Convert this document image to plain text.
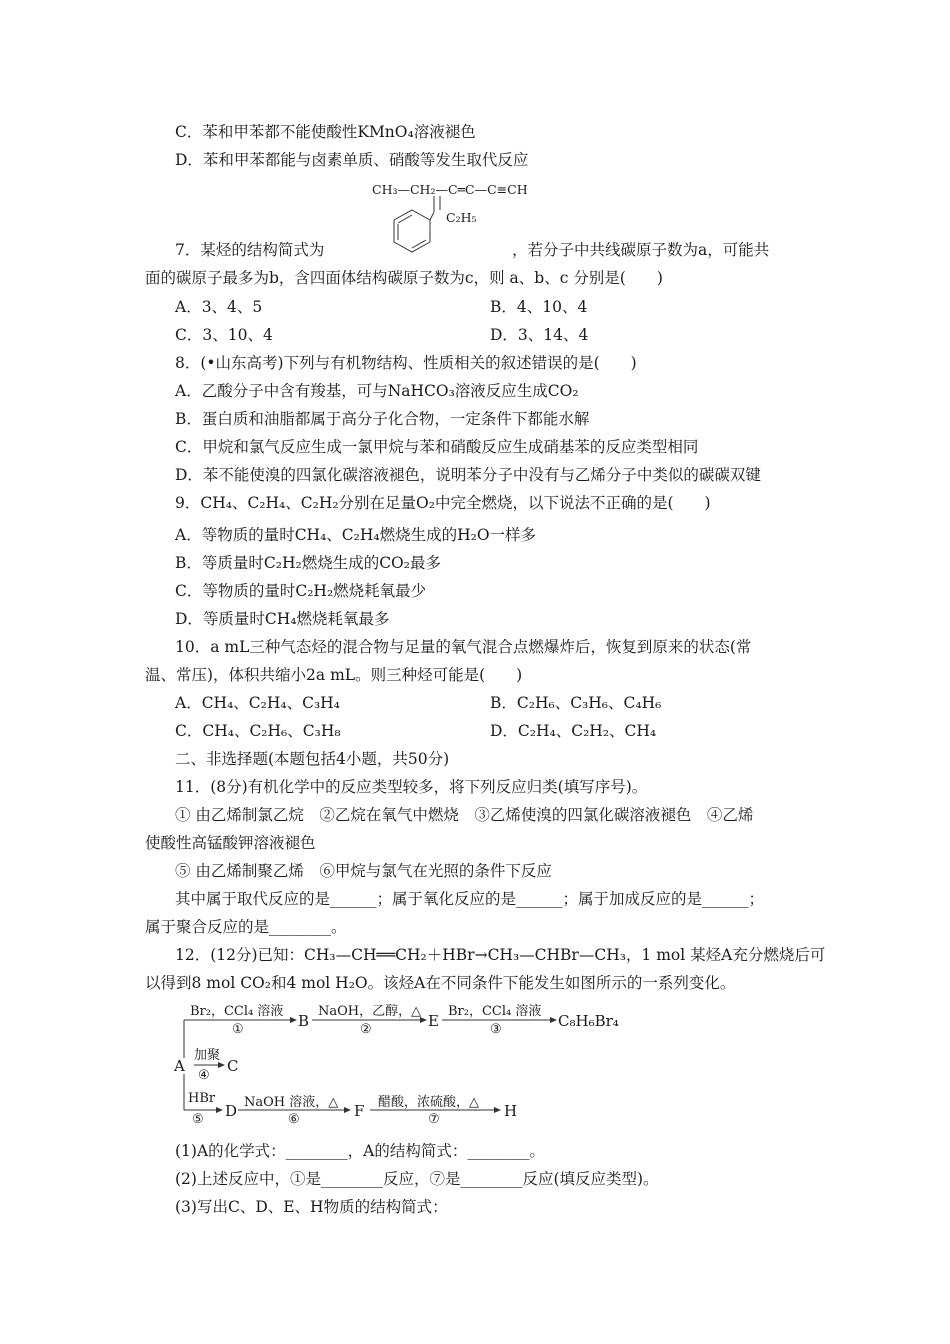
C．苯和甲苯都不能使酸性KMnO₄溶液褪色
D．苯和甲苯都能与卤素单质、硝酸等发生取代反应
CH₃—CH₂—C═C—C≡CH
C₂H₅
7．某烃的结构简式为	，若分子中共线碳原子数为a，可能共
面的碳原子最多为b，含四面体结构碳原子数为c，则 a、b、c 分别是(　　)
A．3、4、5	B．4、10、4
C．3、10、4	D．3、14、4
8．(•山东高考)下列与有机物结构、性质相关的叙述错误的是(　　)
A．乙酸分子中含有羧基，可与NaHCO₃溶液反应生成CO₂
B．蛋白质和油脂都属于高分子化合物，一定条件下都能水解
C．甲烷和氯气反应生成一氯甲烷与苯和硝酸反应生成硝基苯的反应类型相同
D．苯不能使溴的四氯化碳溶液褪色，说明苯分子中没有与乙烯分子中类似的碳碳双键
9．CH₄、C₂H₄、C₂H₂分别在足量O₂中完全燃烧，以下说法不正确的是(　　)
A．等物质的量时CH₄、C₂H₄燃烧生成的H₂O一样多
B．等质量时C₂H₂燃烧生成的CO₂最多
C．等物质的量时C₂H₂燃烧耗氧最少
D．等质量时CH₄燃烧耗氧最多
10．a mL三种气态烃的混合物与足量的氧气混合点燃爆炸后，恢复到原来的状态(常
温、常压)，体积共缩小2a mL。则三种烃可能是(　　)
A．CH₄、C₂H₄、C₃H₄	B．C₂H₆、C₃H₆、C₄H₆
C．CH₄、C₂H₆、C₃H₈	D．C₂H₄、C₂H₂、CH₄
二、非选择题(本题包括4小题，共50分)
11．(8分)有机化学中的反应类型较多，将下列反应归类(填写序号)。
① 由乙烯制氯乙烷　②乙烷在氧气中燃烧　③乙烯使溴的四氯化碳溶液褪色　④乙烯
使酸性高锰酸钾溶液褪色
⑤ 由乙烯制聚乙烯　⑥甲烷与氯气在光照的条件下反应
其中属于取代反应的是______；属于氧化反应的是______；属于加成反应的是______；
属于聚合反应的是________。
12．(12分)已知：CH₃—CH══CH₂＋HBr→CH₃—CHBr—CH₃，1 mol 某烃A充分燃烧后可
以得到8 mol CO₂和4 mol H₂O。该烃A在不同条件下能发生如图所示的一系列变化。
Br₂，CCl₄ 溶液
①	B
NaOH，乙醇，△
②	E
Br₂，CCl₄ 溶液
③	C₈H₆Br₄
A
加聚
④
C
HBr
⑤ D NaOH 溶液，△
⑥	F 醋酸，浓硫酸，△
⑦	H
(1)A的化学式：________，A的结构简式：________。
(2)上述反应中，①是________反应，⑦是________反应(填反应类型)。
(3)写出C、D、E、H物质的结构简式：
